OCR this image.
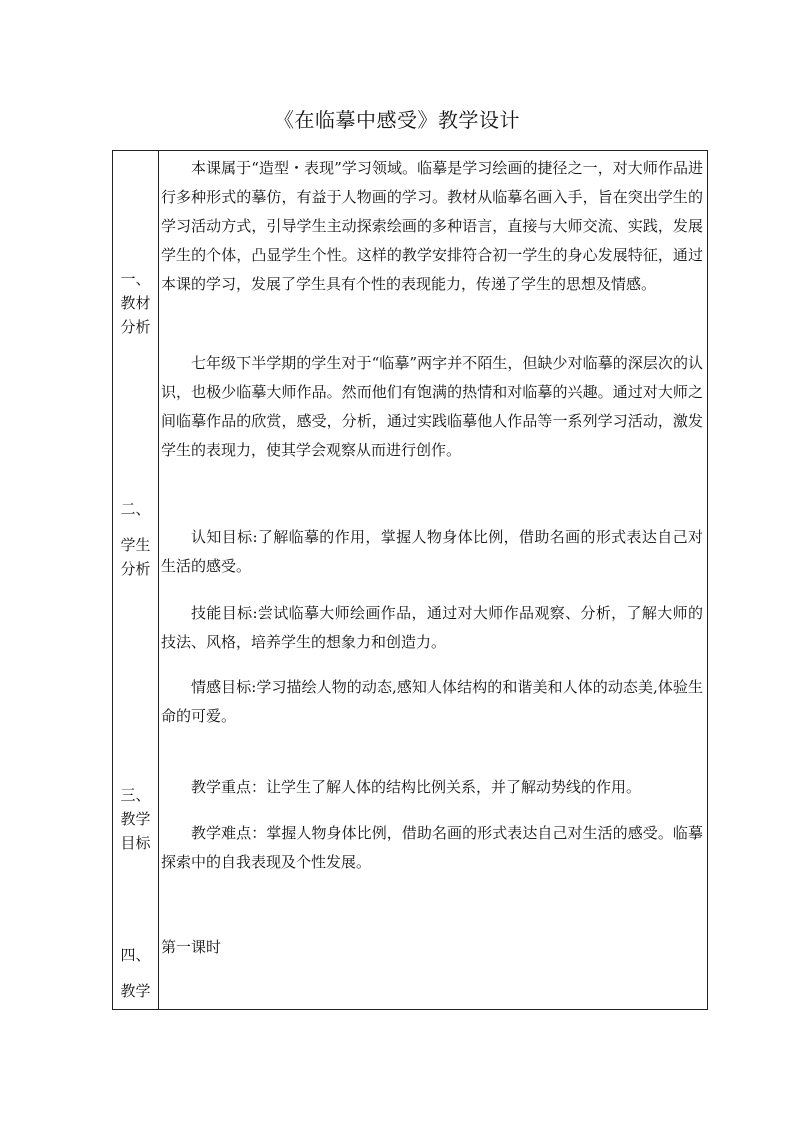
《在临摹中感受》教学设计
一、
教材
分析
二、
学生
分析
三、
教学
目标
四、
教学

本课属于“造型・表现”学习领域。临摹是学习绘画的捷径之一，对大师作品进行多种形式的摹仿，有益于人物画的学习。教材从临摹名画入手，旨在突出学生的学习活动方式，引导学生主动探索绘画的多种语言，直接与大师交流、实践，发展学生的个体，凸显学生个性。这样的教学安排符合初一学生的身心发展特征，通过本课的学习，发展了学生具有个性的表现能力，传递了学生的思想及情感。

七年级下半学期的学生对于“临摹”两字并不陌生，但缺少对临摹的深层次的认识，也极少临摹大师作品。然而他们有饱满的热情和对临摹的兴趣。通过对大师之间临摹作品的欣赏，感受，分析，通过实践临摹他人作品等一系列学习活动，激发学生的表现力，使其学会观察从而进行创作。

认知目标:了解临摹的作用，掌握人物身体比例，借助名画的形式表达自己对生活的感受。

技能目标:尝试临摹大师绘画作品，通过对大师作品观察、分析，了解大师的技法、风格，培养学生的想象力和创造力。

情感目标:学习描绘人物的动态,感知人体结构的和谐美和人体的动态美,体验生命的可爱。

教学重点：让学生了解人体的结构比例关系，并了解动势线的作用。

教学难点：掌握人物身体比例，借助名画的形式表达自己对生活的感受。临摹探索中的自我表现及个性发展。

第一课时
